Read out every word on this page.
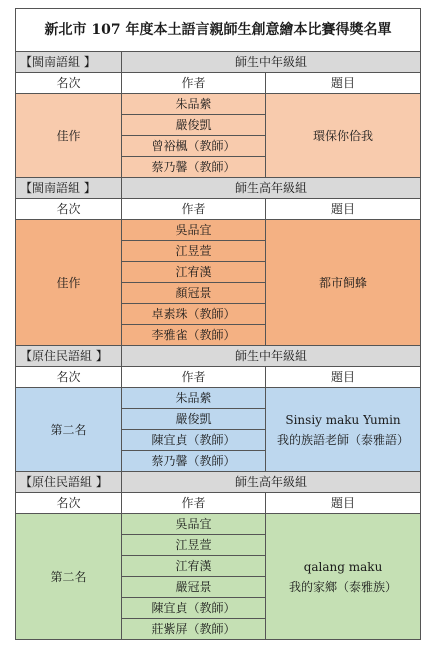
新北市 107 年度本土語言親師生創意繪本比賽得獎名單		
【閩南語組 】	師生中年級組	
名次	作者	題目
佳作	朱品縈	環保你佮我

	嚴俊凱	
	曾裕楓（教師）	
	蔡乃馨（教師）	
【閩南語組 】	師生高年級組	
名次	作者	題目
佳作	吳品宜	都市飼蜂

	江昱萱	
	江宥漢	
	顏冠景	
	卓素珠（教師）	
	李雅雀（教師）	
【原住民語組 】	師生中年級組	
名次	作者	題目
第二名	朱品縈	Sinsiy maku Yumin
我的族語老師（泰雅語）

	嚴俊凱	
	陳宜貞（教師）	
	蔡乃馨（教師）	
【原住民語組 】	師生高年級組	
名次	作者	題目
第二名	吳品宜	qalang maku
我的家鄉（泰雅族）

	江昱萱	
	江宥漢	
	嚴冠景	
	陳宜貞（教師）	
	莊紫屏（教師）	
